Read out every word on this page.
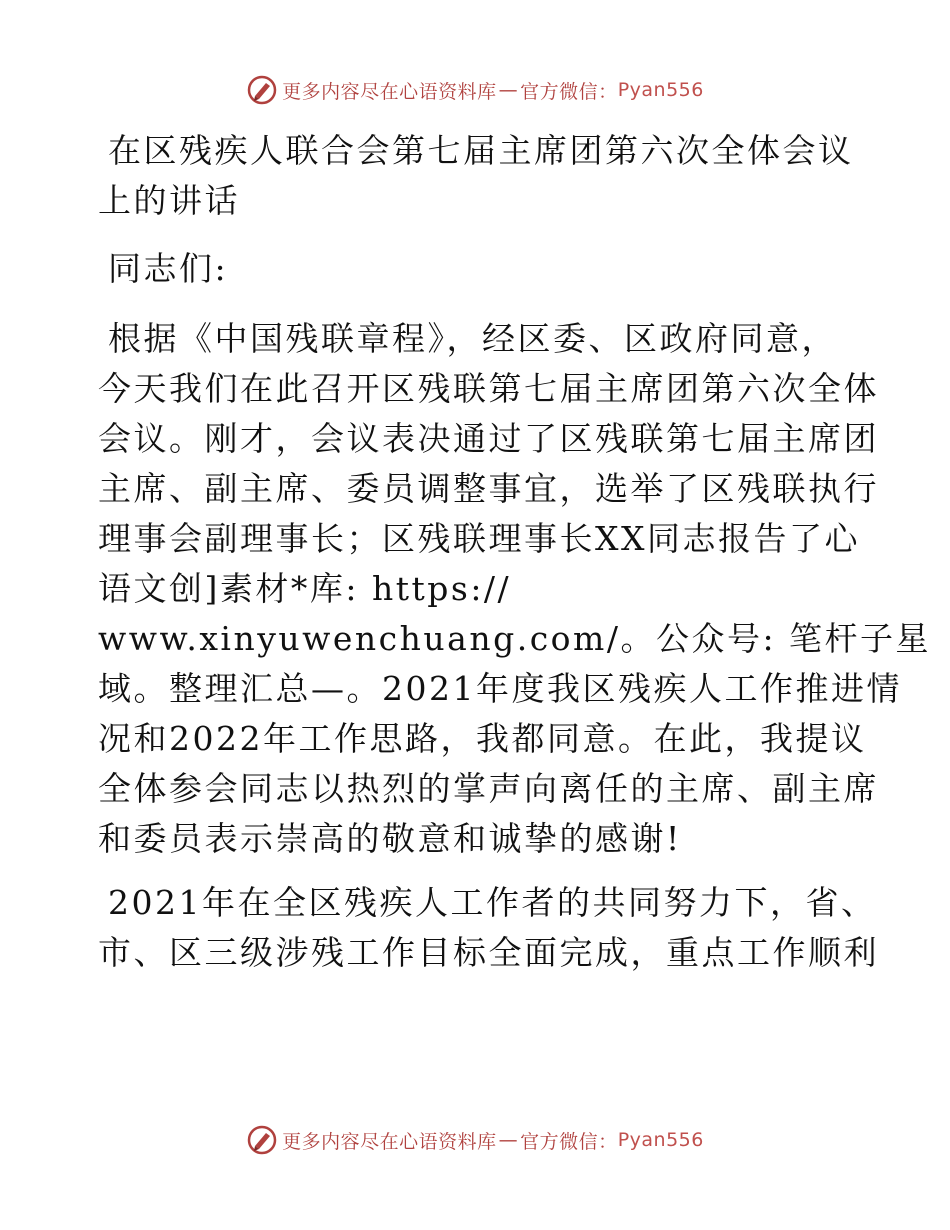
更多内容尽在心语资料库 — 官方微信： Pyan556
在区残疾人联合会第七届主席团第六次全体会议
上的讲话
同志们:
根据《中国残联章程》，经区委、区政府同意，
今天我们在此召开区残联第七届主席团第六次全体
会议。刚才，会议表决通过了区残联第七届主席团
主席、副主席、委员调整事宜，选举了区残联执行
理事会副理事长；区残联理事长XX同志报告了心
语文创]素材*库: https://
www.xinyuwenchuang.com/。公众号: 笔杆子星
域。整理汇总—。2021年度我区残疾人工作推进情
况和2022年工作思路，我都同意。在此，我提议
全体参会同志以热烈的掌声向离任的主席、副主席
和委员表示崇高的敬意和诚挚的感谢!
2021年在全区残疾人工作者的共同努力下，省、
市、区三级涉残工作目标全面完成，重点工作顺利
更多内容尽在心语资料库 — 官方微信： Pyan556
